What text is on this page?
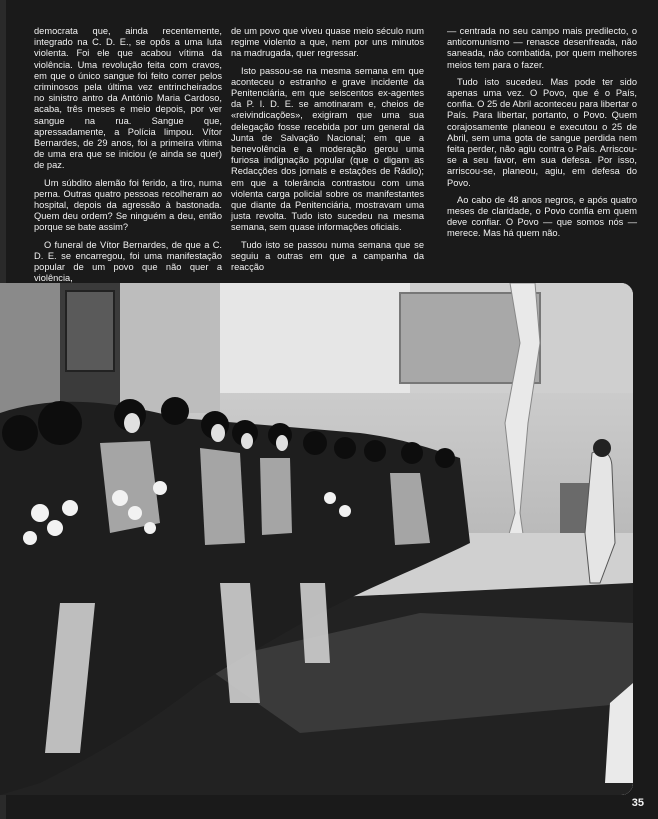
democrata que, ainda recentemente, integrado na C. D. E., se opôs a uma luta violenta. Foi ele que acabou vítima da violência. Uma revolução feita com cravos, em que o único sangue foi feito correr pelos criminosos pela última vez entrincheirados no sinistro antro da António Maria Cardoso, acaba, três meses e meio depois, por ver sangue na rua. Sangue que, apressadamente, a Polícia limpou. Vítor Bernardes, de 29 anos, foi a primeira vítima de uma era que se iniciou (e ainda se quer) de paz.

Um súbdito alemão foi ferido, a tiro, numa perna. Outras quatro pessoas recolheram ao hospital, depois da agressão à bastonada. Quem deu ordem? Se ninguém a deu, então porque se bate assim?

O funeral de Vítor Bernardes, de que a C. D. E. se encarregou, foi uma manifestação popular de um povo que não quer a violência,

de um povo que viveu quase meio século num regime violento a que, nem por uns minutos na madrugada, quer regressar.

Isto passou-se na mesma semana em que aconteceu o estranho e grave incidente da Penitenciária, em que seiscentos ex-agentes da P. I. D. E. se amotinaram e, cheios de «reivindicações», exigiram que uma sua delegação fosse recebida por um general da Junta de Salvação Nacional; em que a benevolência e a moderação gerou uma furiosa indignação popular (que o digam as Redacções dos jornais e estações de Rádio); em que a tolerância contrastou com uma violenta carga policial sobre os manifestantes que diante da Penitenciária, mostravam uma justa revolta. Tudo isto sucedeu na mesma semana, sem quase informações oficiais.

Tudo isto se passou numa semana que se seguiu a outras em que a campanha da reacção

— centrada no seu campo mais predilecto, o anticomunismo — renasce desenfreada, não saneada, não combatida, por quem melhores meios tem para o fazer.

Tudo isto sucedeu. Mas pode ter sido apenas uma vez. O Povo, que é o País, confia. O 25 de Abril aconteceu para libertar o País. Para libertar, portanto, o Povo. Quem corajosamente planeou e executou o 25 de Abril, sem uma gota de sangue perdida nem feita perder, não agiu contra o País. Arriscou-se a seu favor, em sua defesa. Por isso, arriscou-se, planeou, agiu, em defesa do Povo.

Ao cabo de 48 anos negros, e após quatro meses de claridade, o Povo confia em quem deve confiar. O Povo — que somos nós — merece. Mas há quem não.

35
